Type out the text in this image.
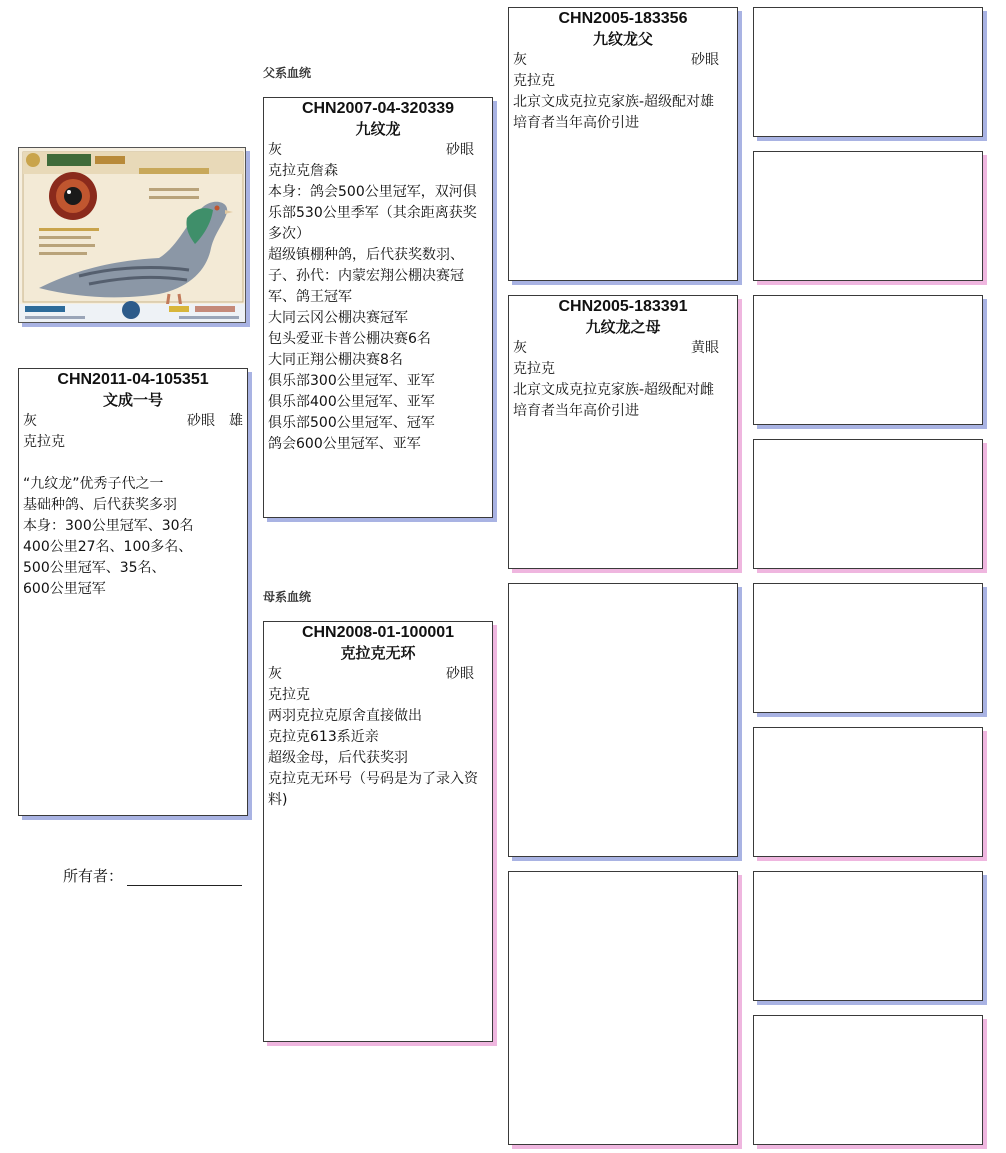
父系血统
母系血统
CHN2011-04-105351
文成一号
灰	砂眼 雄
克拉克
“九纹龙”优秀子代之一
基础种鸽、后代获奖多羽
本身：300公里冠军、30名
400公里27名、100多名、
500公里冠军、35名、
600公里冠军
所有者：
CHN2007-04-320339
九纹龙
灰	砂眼
克拉克詹森
本身：鸽会500公里冠军，双河俱乐部530公里季军（其余距离获奖多次）
超级镇棚种鸽，后代获奖数羽、
子、孙代：内蒙宏翔公棚决赛冠军、鸽王冠军
大同云冈公棚决赛冠军
包头爱亚卡普公棚决赛6名
大同正翔公棚决赛8名
俱乐部300公里冠军、亚军
俱乐部400公里冠军、亚军
俱乐部500公里冠军、冠军
鸽会600公里冠军、亚军
CHN2008-01-100001
克拉克无环
灰	砂眼
克拉克
两羽克拉克原舍直接做出
克拉克613系近亲
超级金母，后代获奖羽
克拉克无环号（号码是为了录入资料)
CHN2005-183356
九纹龙父
灰	砂眼
克拉克
北京文成克拉克家族-超级配对雄
培育者当年高价引进
CHN2005-183391
九纹龙之母
灰	黄眼
克拉克
北京文成克拉克家族-超级配对雌
培育者当年高价引进
